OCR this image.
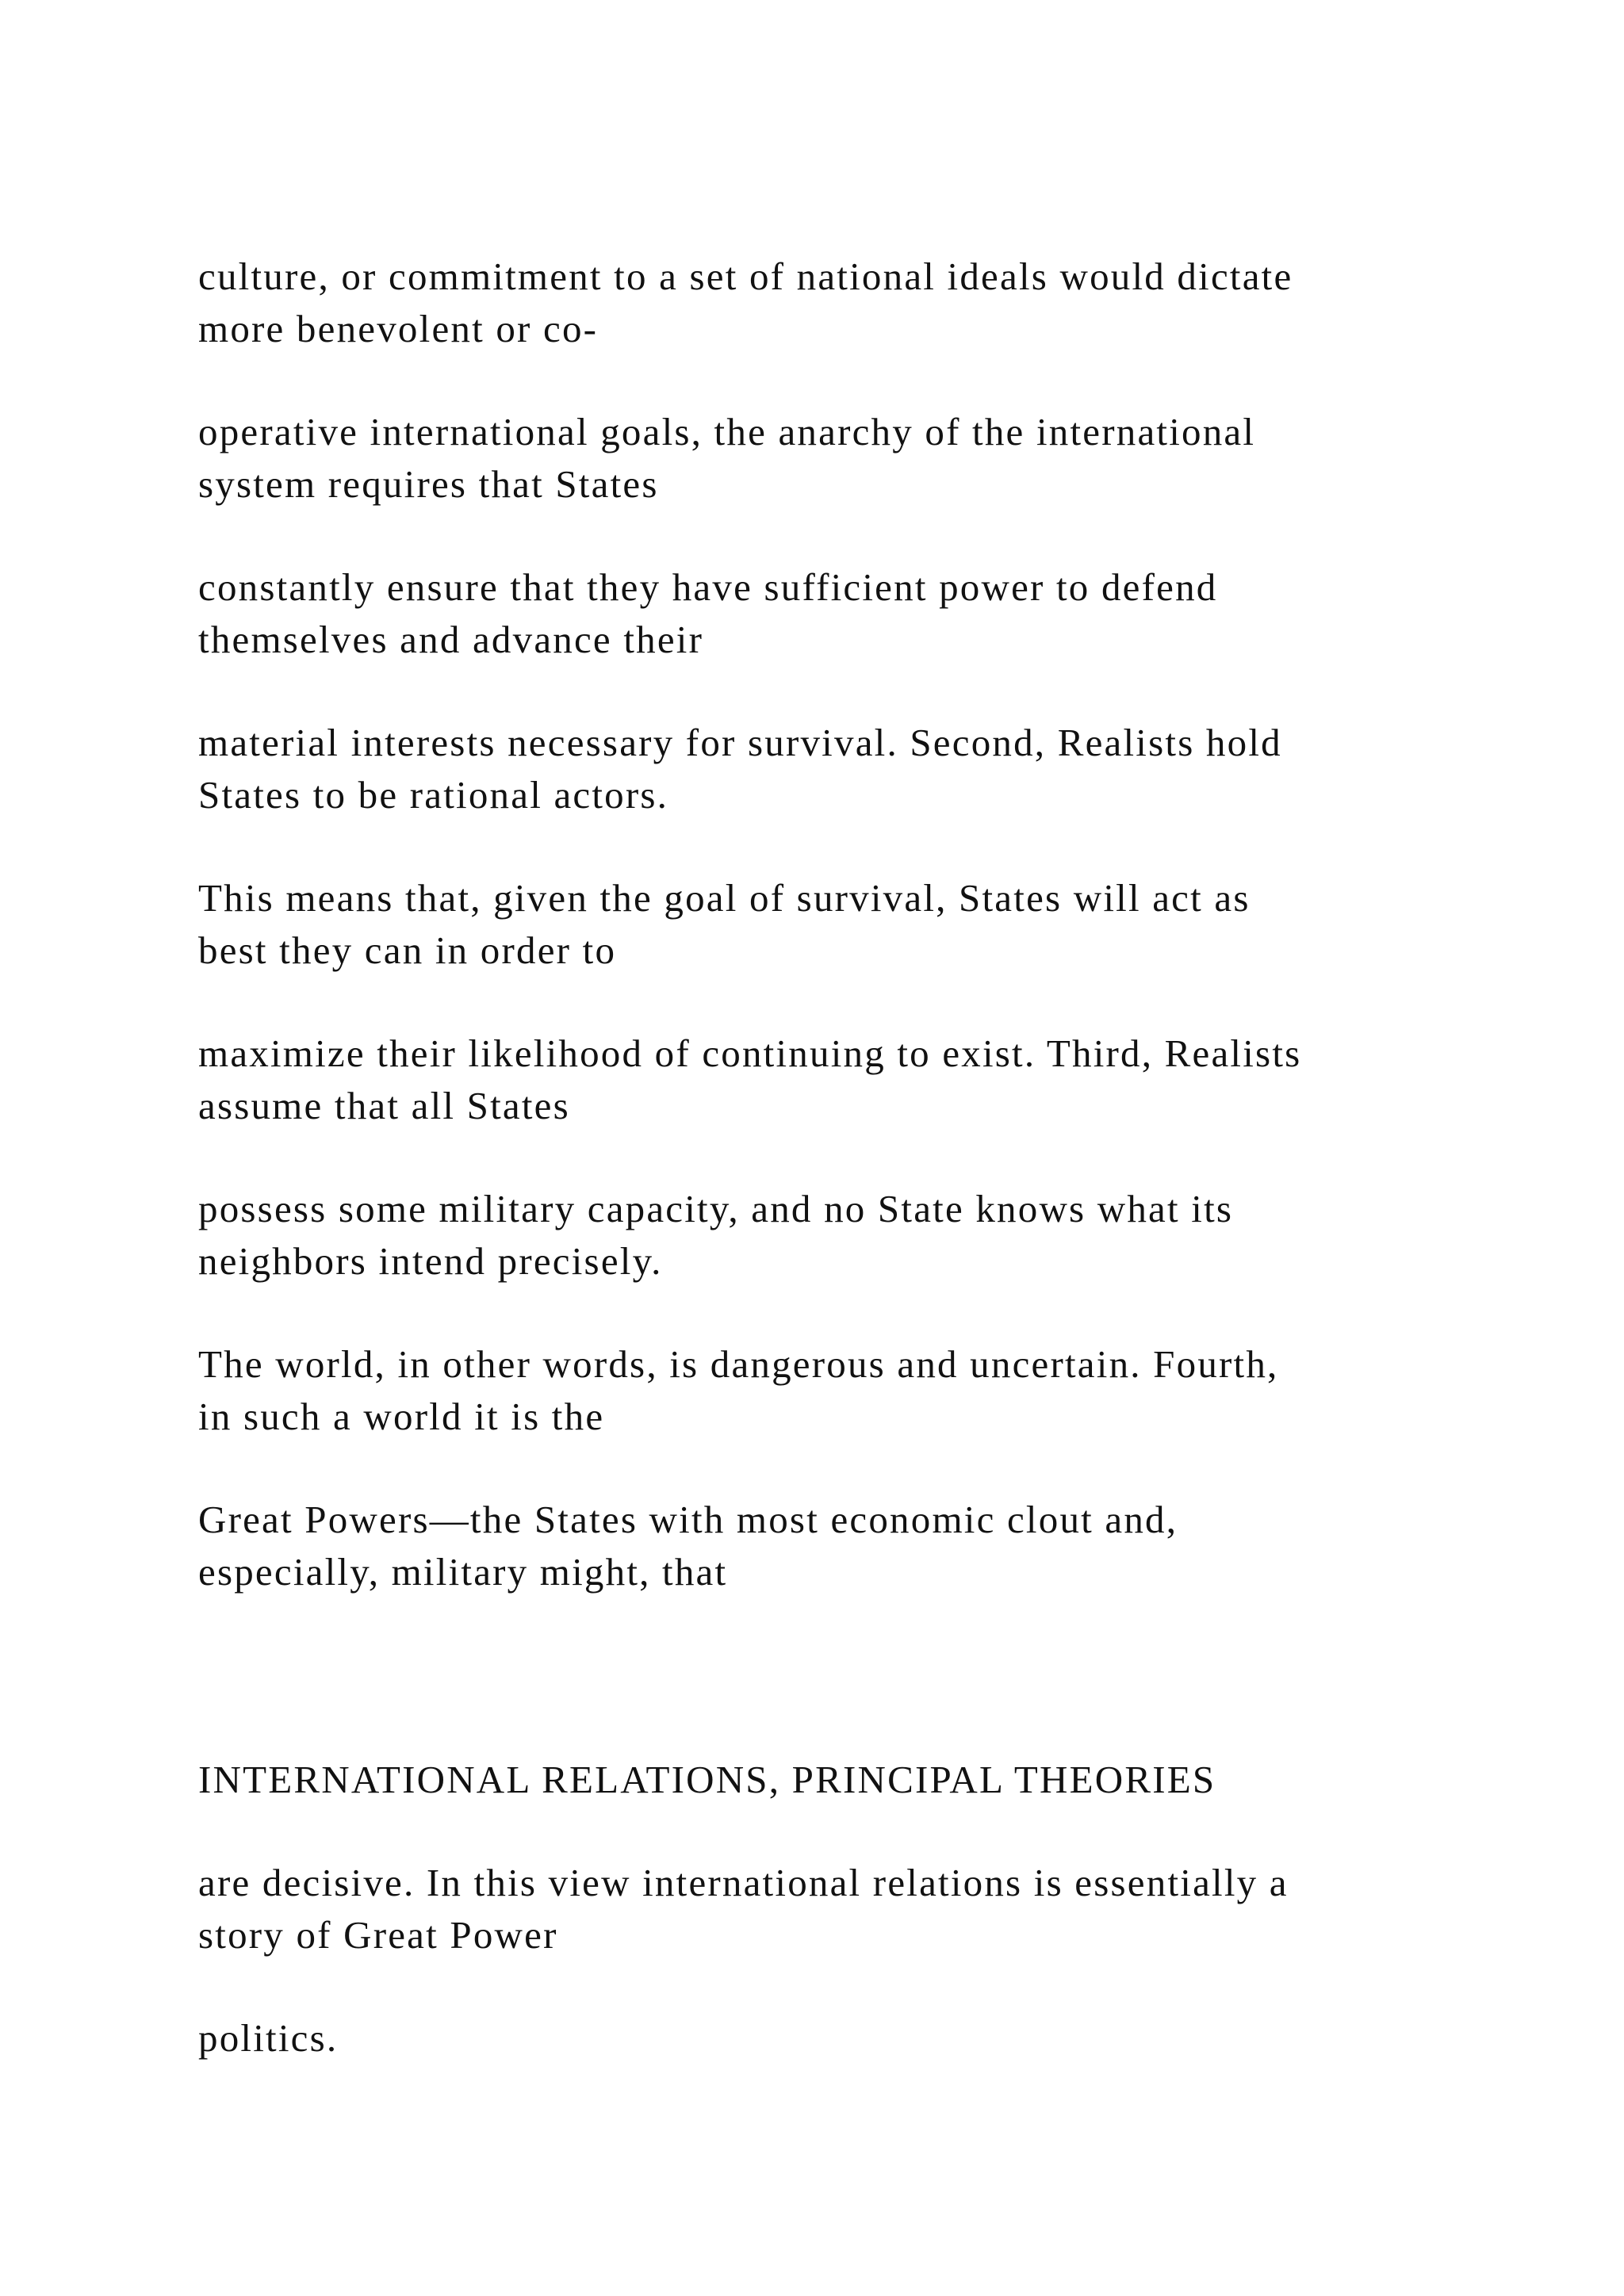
culture, or commitment to a set of national ideals would dictate
more benevolent or co-

operative international goals, the anarchy of the international
system requires that States

constantly ensure that they have sufficient power to defend
themselves and advance their

material interests necessary for survival. Second, Realists hold
States to be rational actors.

This means that, given the goal of survival, States will act as
best they can in order to

maximize their likelihood of continuing to exist. Third, Realists
assume that all States

possess some military capacity, and no State knows what its
neighbors intend precisely.

The world, in other words, is dangerous and uncertain. Fourth,
in such a world it is the

Great Powers—the States with most economic clout and,
especially, military might, that

INTERNATIONAL RELATIONS, PRINCIPAL THEORIES

are decisive. In this view international relations is essentially a
story of Great Power

politics.
